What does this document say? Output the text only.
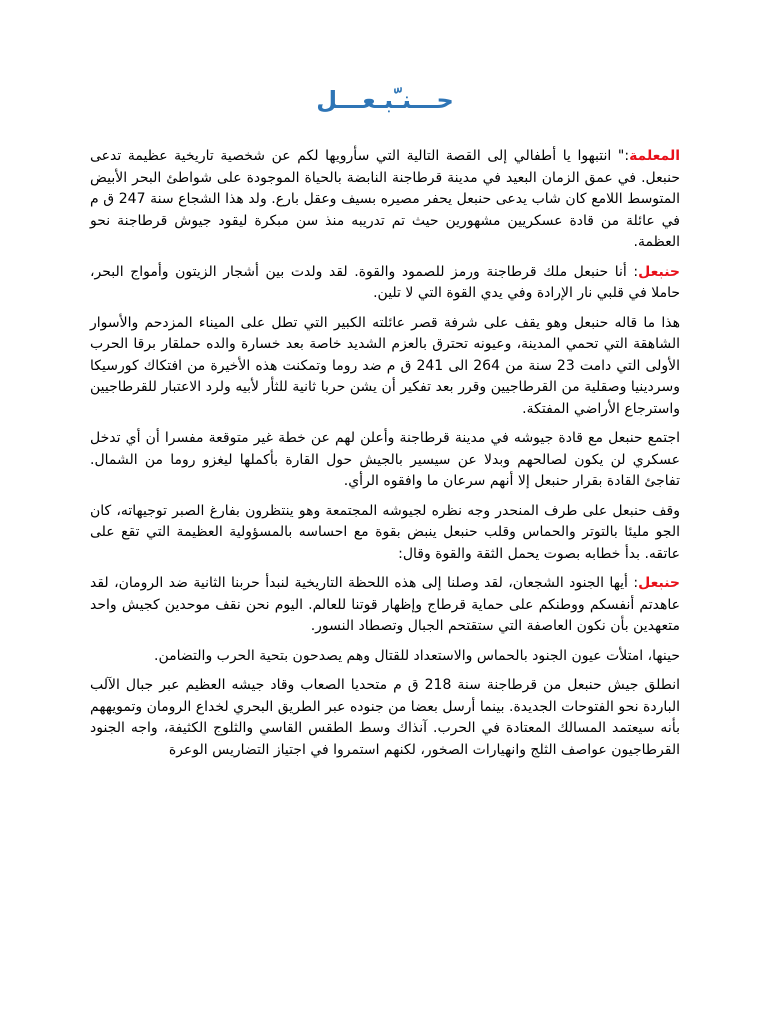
حـــنـّبـعـــل

المعلمة:" انتبهوا يا أطفالي إلى القصة التالية التي سأرويها لكم عن شخصية تاريخية عظيمة تدعى حنبعل. في عمق الزمان البعيد في مدينة قرطاجنة النابضة بالحياة الموجودة على شواطئ البحر الأبيض المتوسط اللامع كان شاب يدعى حنبعل يحفر مصيره بسيف وعقل بارع. ولد هذا الشجاع سنة 247 ق م في عائلة من قادة عسكريين مشهورين حيث تم تدريبه منذ سن مبكرة ليقود جيوش قرطاجنة نحو العظمة.

حنبعل: أنا حنبعل ملك قرطاجنة ورمز للصمود والقوة. لقد ولدت بين أشجار الزيتون وأمواج البحر، حاملا في قلبي نار الإرادة وفي يدي القوة التي لا تلين.

هذا ما قاله حنبعل وهو يقف على شرفة قصر عائلته الكبير التي تطل على الميناء المزدحم والأسوار الشاهقة التي تحمي المدينة، وعيونه تحترق بالعزم الشديد خاصة بعد خسارة والده حملقار برقا الحرب الأولى التي دامت 23 سنة من 264 الى 241 ق م ضد روما وتمكنت هذه الأخيرة من افتكاك كورسيكا وسردينيا وصقلية من القرطاجيين وقرر بعد تفكير أن يشن حربا ثانية للثأر لأبيه ولرد الاعتبار للقرطاجيين واسترجاع الأراضي المفتكة.

اجتمع حنبعل مع قادة جيوشه في مدينة قرطاجنة وأعلن لهم عن خطة غير متوقعة مفسرا أن أي تدخل عسكري لن يكون لصالحهم وبدلا عن سيسير بالجيش حول القارة بأكملها ليغزو روما من الشمال. تفاجئ القادة بقرار حنبعل إلا أنهم سرعان ما وافقوه الرأي.

وقف حنبعل على طرف المنحدر وجه نظره لجيوشه المجتمعة وهو ينتظرون بفارغ الصبر توجيهاته، كان الجو مليئا بالتوتر والحماس وقلب حنبعل ينبض بقوة مع احساسه بالمسؤولية العظيمة التي تقع على عاتقه. بدأ خطابه بصوت يحمل الثقة والقوة وقال:

حنبعل: أيها الجنود الشجعان، لقد وصلنا إلى هذه اللحظة التاريخية لنبدأ حربنا الثانية ضد الرومان، لقد عاهدتم أنفسكم ووطنكم على حماية قرطاج وإظهار قوتنا للعالم. اليوم نحن نقف موحدين كجيش واحد متعهدين بأن نكون العاصفة التي ستقتحم الجبال وتصطاد النسور.

حينها، امتلأت عيون الجنود بالحماس والاستعداد للقتال وهم يصدحون بتحية الحرب والتضامن.

انطلق جيش حنبعل من قرطاجنة سنة 218 ق م متحديا الصعاب وقاد جيشه العظيم عبر جبال الآلب الباردة نحو الفتوحات الجديدة. بينما أرسل بعضا من جنوده عبر الطريق البحري لخداع الرومان وتمويههم بأنه سيعتمد المسالك المعتادة في الحرب. آنذاك وسط الطقس القاسي والثلوج الكثيفة، واجه الجنود القرطاجيون عواصف الثلج وانهيارات الصخور، لكنهم استمروا في اجتياز التضاريس الوعرة
